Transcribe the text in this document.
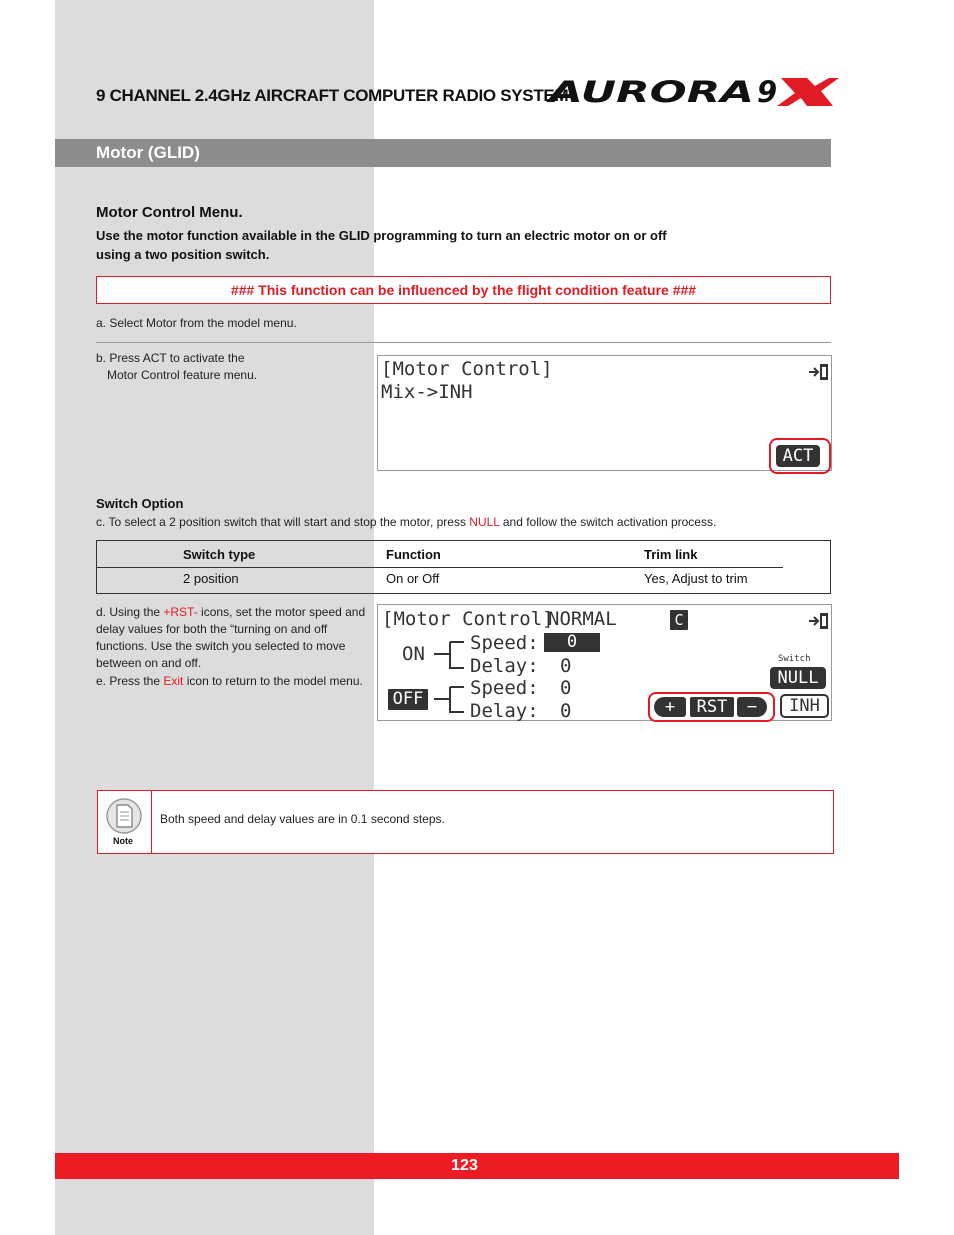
9 CHANNEL 2.4GHz AIRCRAFT COMPUTER RADIO SYSTEM
AURORA 9
Motor (GLID)
Motor Control Menu.
Use the motor function available in the GLID programming to turn an electric motor on or off using a two position switch.
### This function can be influenced by the flight condition feature ###
a. Select Motor from the model menu.
b. Press ACT to activate the
Motor Control feature menu.	[Motor Control]
Mix->INH
ACT
Switch Option
c. To select a 2 position switch that will start and stop the motor, press NULL and follow the switch activation process.
Switch type	Function	Trim link
2 position	On or Off	Yes, Adjust to trim
d. Using the +RST- icons, set the motor speed and delay values for both the “turning on and off functions. Use the switch you selected to move between on and off.
e. Press the Exit icon to return to the model menu.
[Motor Control]
NORMAL	C
ON Speed:	0
Delay: 0
OFF Speed: 0
Delay: 0
Switch
NULL
+	RST	−	INH
Note
Both speed and delay values are in 0.1 second steps.
123
